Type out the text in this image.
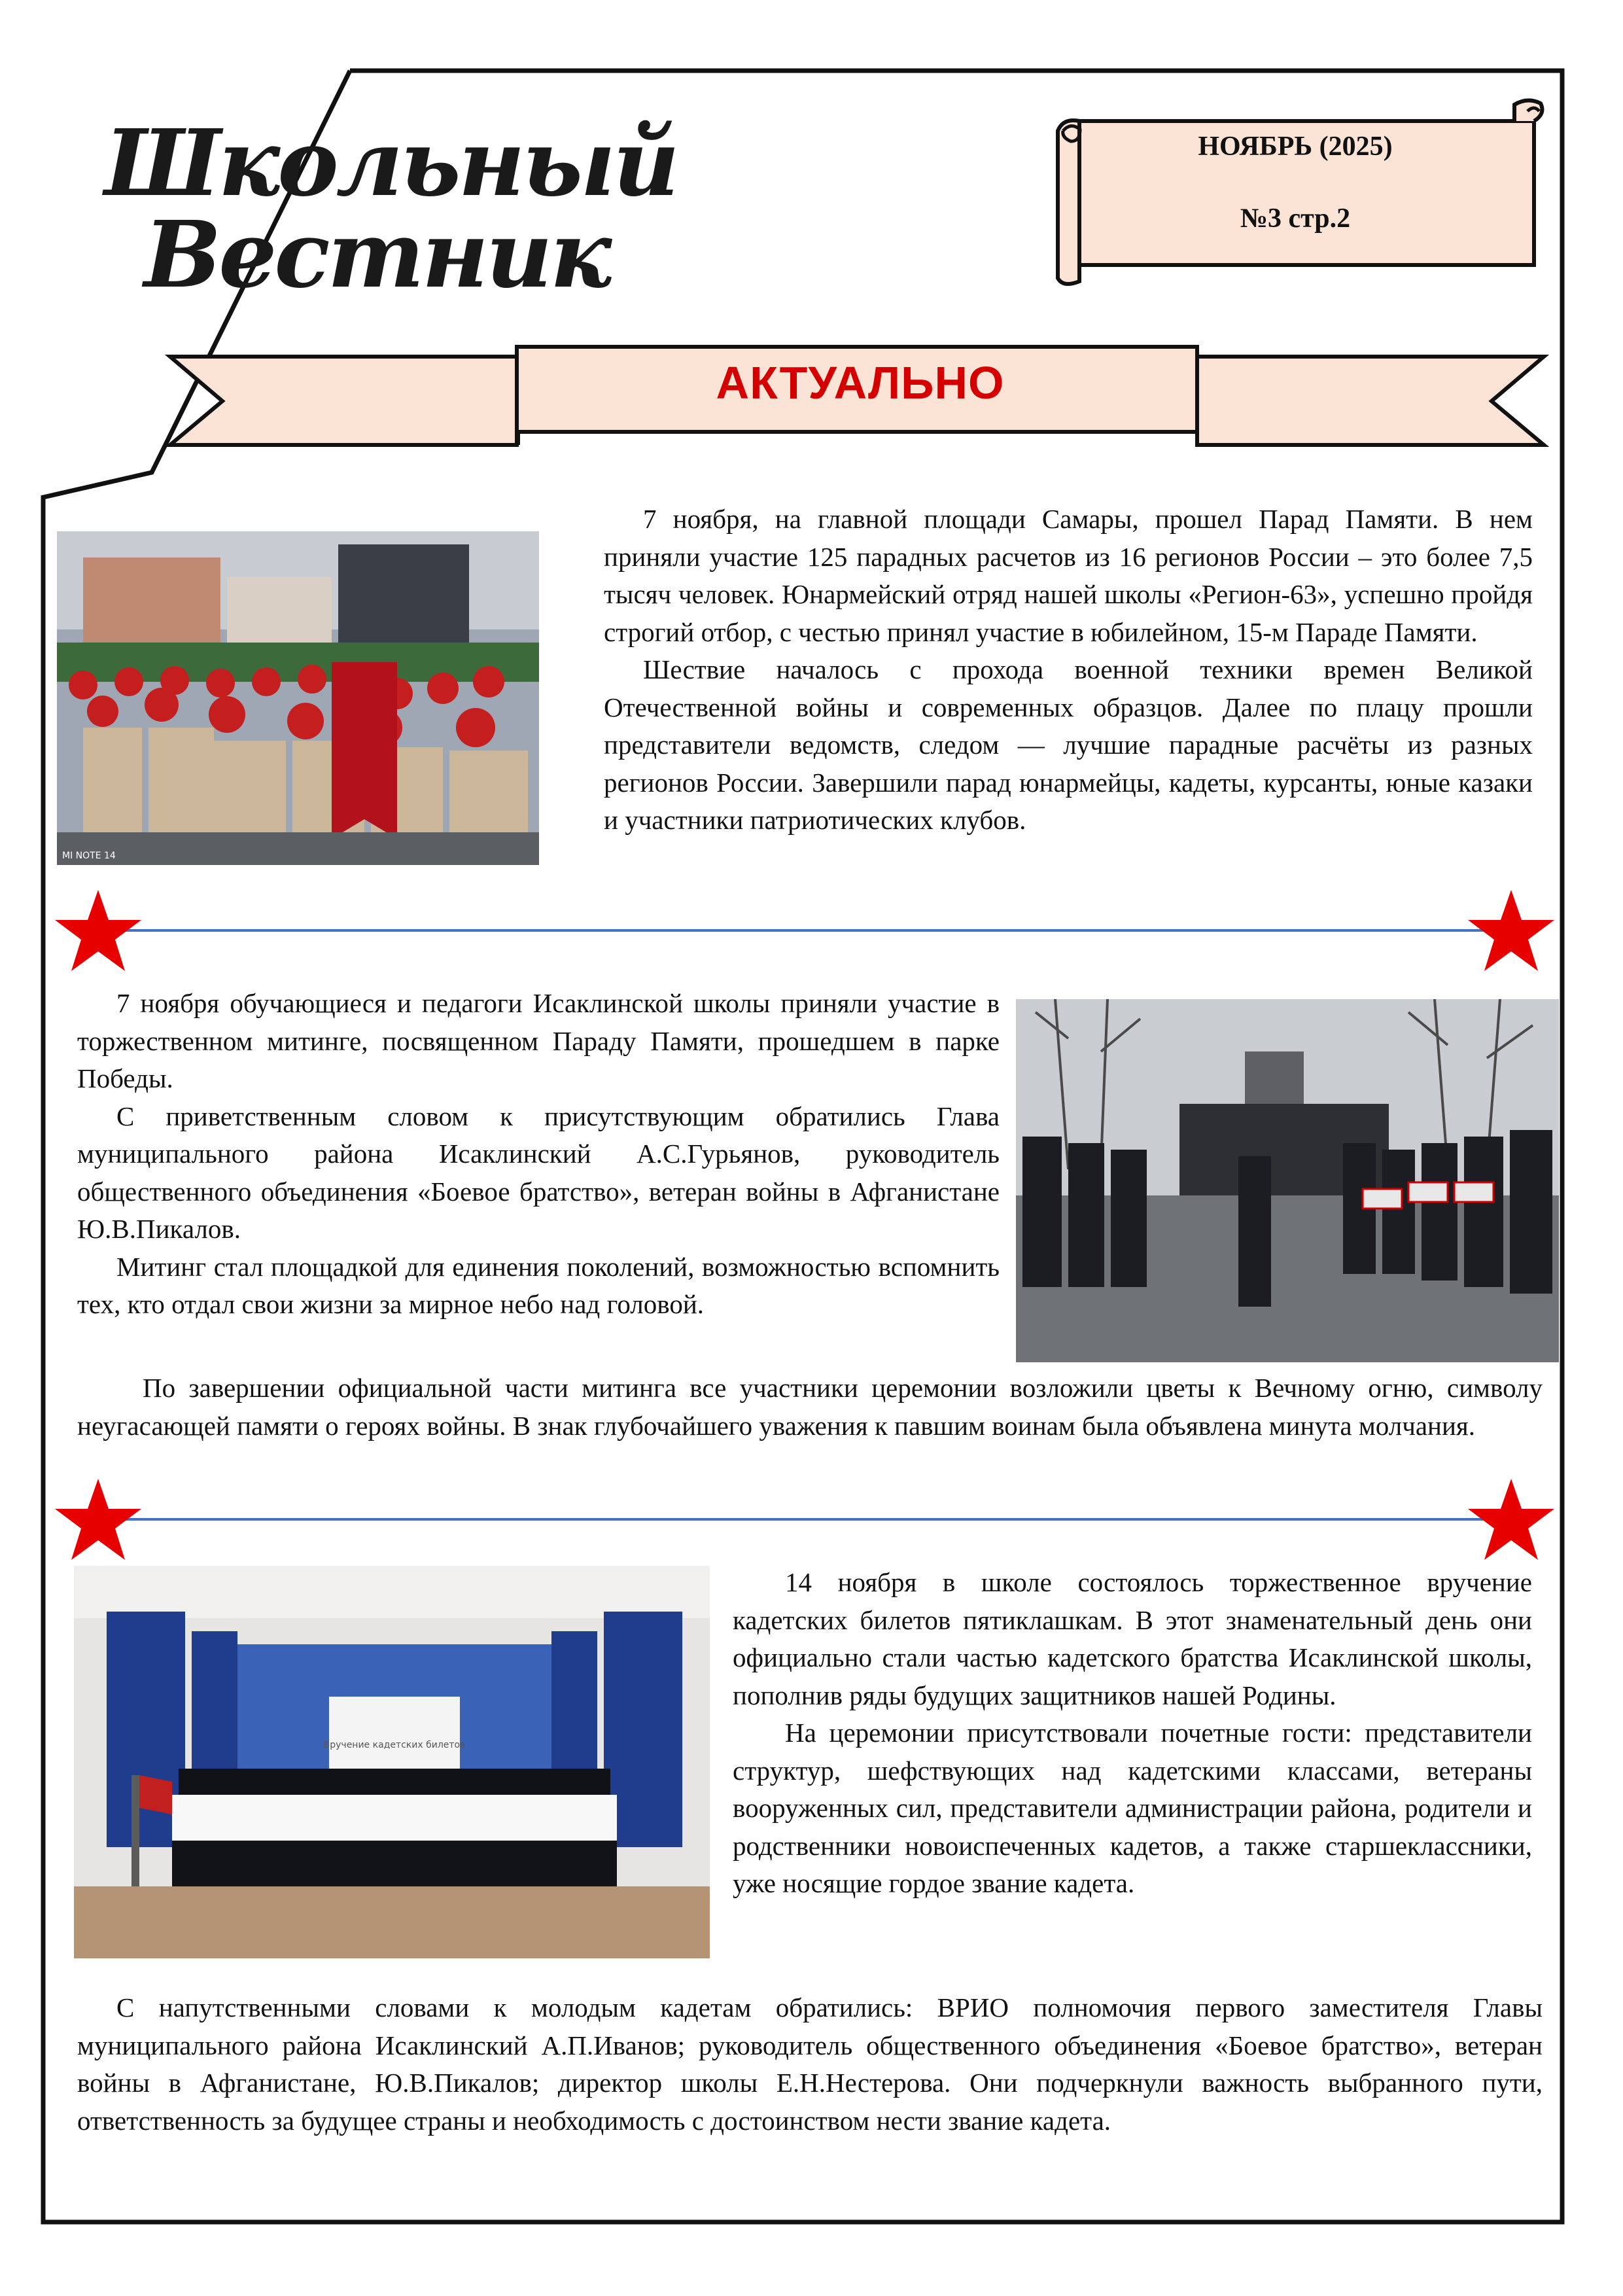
Школьный
Вестник
НОЯБРЬ (2025)
№3 стр.2
АКТУАЛЬНО
MI NOTE 14

7 ноября, на главной площади Самары, прошел Парад Памяти. В нем приняли участие 125 парадных расчетов из 16 регионов России – это более 7,5 тысяч человек. Юнармейский отряд нашей школы «Регион-63», успешно пройдя строгий отбор, с честью принял участие в юбилейном, 15-м Параде Памяти.

Шествие началось с прохода военной техники времен Великой Отечественной войны и современных образцов. Далее по плацу прошли представители ведомств, следом — лучшие парадные расчёты из разных регионов России. Завершили парад юнармейцы, кадеты, курсанты, юные казаки и участники патриотических клубов.

7 ноября обучающиеся и педагоги Исаклинской школы приняли участие в торжественном митинге, посвященном Параду Памяти, прошедшем в парке Победы.

С приветственным словом к присутствующим обратились Глава муниципального района Исаклинский А.С.Гурьянов, руководитель общественного объединения «Боевое братство», ветеран войны в Афганистане Ю.В.Пикалов.

Митинг стал площадкой для единения поколений, возможностью вспомнить тех, кто отдал свои жизни за мирное небо над головой.

По завершении официальной части митинга все участники церемонии возложили цветы к Вечному огню, символу неугасающей памяти о героях войны. В знак глубочайшего уважения к павшим воинам была объявлена минута молчания.

Вручение кадетских билетов

14 ноября в школе состоялось торжественное вручение кадетских билетов пятиклашкам. В этот знаменательный день они официально стали частью кадетского братства Исаклинской школы, пополнив ряды будущих защитников нашей Родины.

На церемонии присутствовали почетные гости: представители структур, шефствующих над кадетскими классами, ветераны вооруженных сил, представители администрации района, родители и родственники новоиспеченных кадетов, а также старшеклассники, уже носящие гордое звание кадета.

С напутственными словами к молодым кадетам обратились: ВРИО полномочия первого заместителя Главы муниципального района Исаклинский А.П.Иванов; руководитель общественного объединения «Боевое братство», ветеран войны в Афганистане, Ю.В.Пикалов; директор школы Е.Н.Нестерова. Они подчеркнули важность выбранного пути, ответственность за будущее страны и необходимость с достоинством нести звание кадета.
